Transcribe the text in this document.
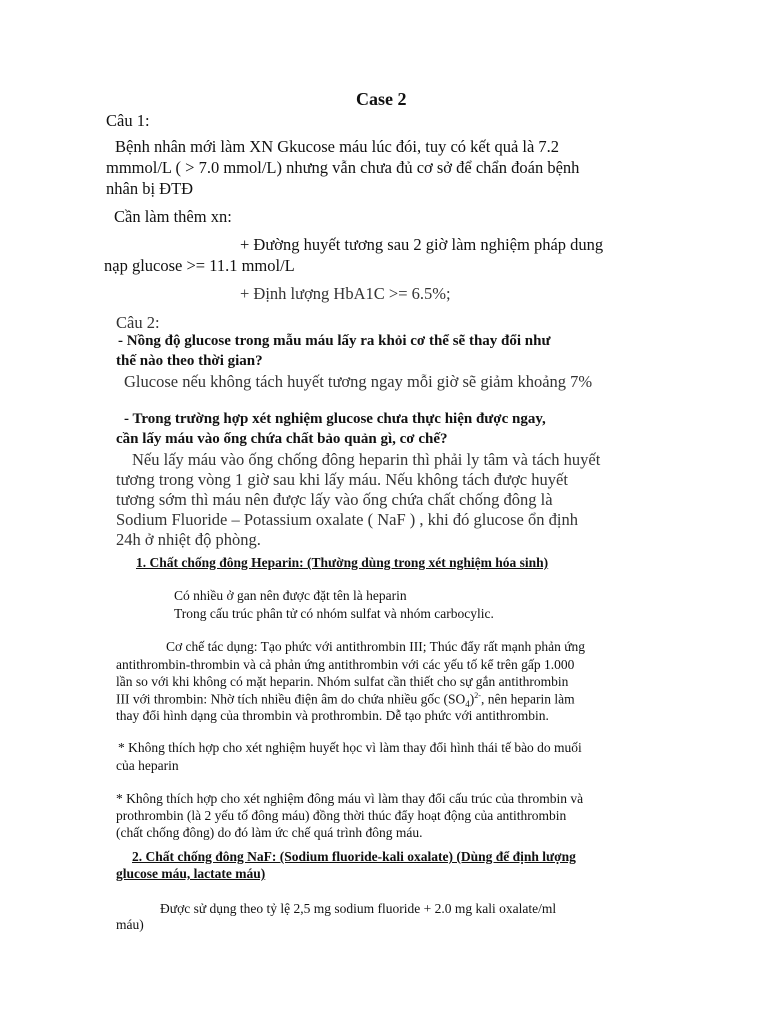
Case 2

Câu 1:

Bệnh nhân mới làm XN Gkucose máu lúc đói, tuy có kết quả là 7.2

mmmol/L ( > 7.0 mmol/L) nhưng vẫn chưa đủ cơ sở để chẩn đoán bệnh

nhân bị ĐTĐ

Cần làm thêm xn:

+ Đường huyết tương sau 2 giờ làm nghiệm pháp dung

nạp glucose >= 11.1 mmol/L

+ Định lượng HbA1C >= 6.5%;

Câu 2:

- Nồng độ glucose trong mẫu máu lấy ra khỏi cơ thể sẽ thay đổi như

thế nào theo thời gian?

Glucose nếu không tách huyết tương ngay mỗi giờ sẽ giảm khoảng 7%

- Trong trường hợp xét nghiệm glucose chưa thực hiện được ngay,

cần lấy máu vào ống chứa chất bảo quản gì, cơ chế?

Nếu lấy máu vào ống chống đông heparin thì phải ly tâm và tách huyết

tương trong vòng 1 giờ sau khi lấy máu. Nếu không tách được huyết

tương sớm thì máu nên được lấy vào ống chứa chất chống đông là

Sodium Fluoride – Potassium oxalate ( NaF ) , khi đó glucose ổn định

24h ở nhiệt độ phòng.

1. Chất chống đông Heparin: (Thường dùng trong xét nghiệm hóa sinh)

Có nhiều ở gan nên được đặt tên là heparin

Trong cấu trúc phân tử có nhóm sulfat và nhóm carbocylic.

Cơ chế tác dụng: Tạo phức với antithrombin III; Thúc đẩy rất mạnh phản ứng

antithrombin-thrombin và cả phản ứng antithrombin với các yếu tố kể trên gấp 1.000

lần so với khi không có mặt heparin. Nhóm sulfat cần thiết cho sự gắn antithrombin

III với thrombin: Nhờ tích nhiều điện âm do chứa nhiều gốc $(SO_4)^{2-}$, nên heparin làm

thay đổi hình dạng của thrombin và prothrombin. Dễ tạo phức với antithrombin.

* Không thích hợp cho xét nghiệm huyết học vì làm thay đổi hình thái tế bào do muối

của heparin

* Không thích hợp cho xét nghiệm đông máu vì làm thay đổi cấu trúc của thrombin và

prothrombin (là 2 yếu tố đông máu) đồng thời thúc đẩy hoạt động của antithrombin

(chất chống đông) do đó làm ức chế quá trình đông máu.

2. Chất chống đông NaF: (Sodium fluoride-kali oxalate) (Dùng để định lượng

glucose máu, lactate máu)

Được sử dụng theo tỷ lệ 2,5 mg sodium fluoride + 2.0 mg kali oxalate/ml

máu)
